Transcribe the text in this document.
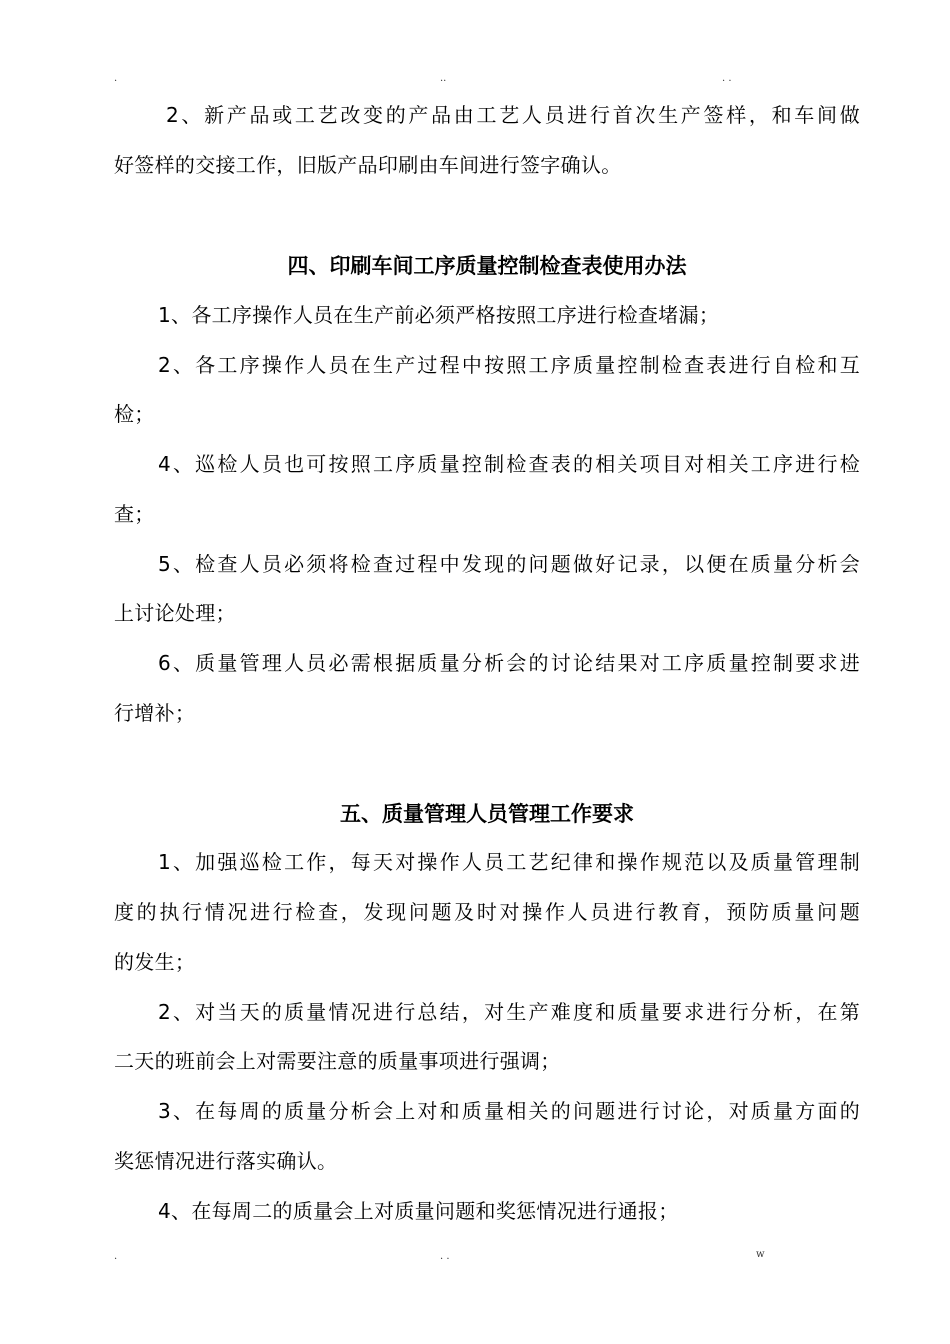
.	..	. .
2、新产品或工艺改变的产品由工艺人员进行首次生产签样，和车间做
好签样的交接工作，旧版产品印刷由车间进行签字确认。
四、印刷车间工序质量控制检查表使用办法
1、各工序操作人员在生产前必须严格按照工序进行检查堵漏；
2、各工序操作人员在生产过程中按照工序质量控制检查表进行自检和互
检；
4、巡检人员也可按照工序质量控制检查表的相关项目对相关工序进行检
查；
5、检查人员必须将检查过程中发现的问题做好记录，以便在质量分析会
上讨论处理；
6、质量管理人员必需根据质量分析会的讨论结果对工序质量控制要求进
行增补；
五、质量管理人员管理工作要求
1、加强巡检工作，每天对操作人员工艺纪律和操作规范以及质量管理制
度的执行情况进行检查，发现问题及时对操作人员进行教育，预防质量问题
的发生；
2、对当天的质量情况进行总结，对生产难度和质量要求进行分析，在第
二天的班前会上对需要注意的质量事项进行强调；
3、在每周的质量分析会上对和质量相关的问题进行讨论，对质量方面的
奖惩情况进行落实确认。
4、在每周二的质量会上对质量问题和奖惩情况进行通报；
.	. .	w
